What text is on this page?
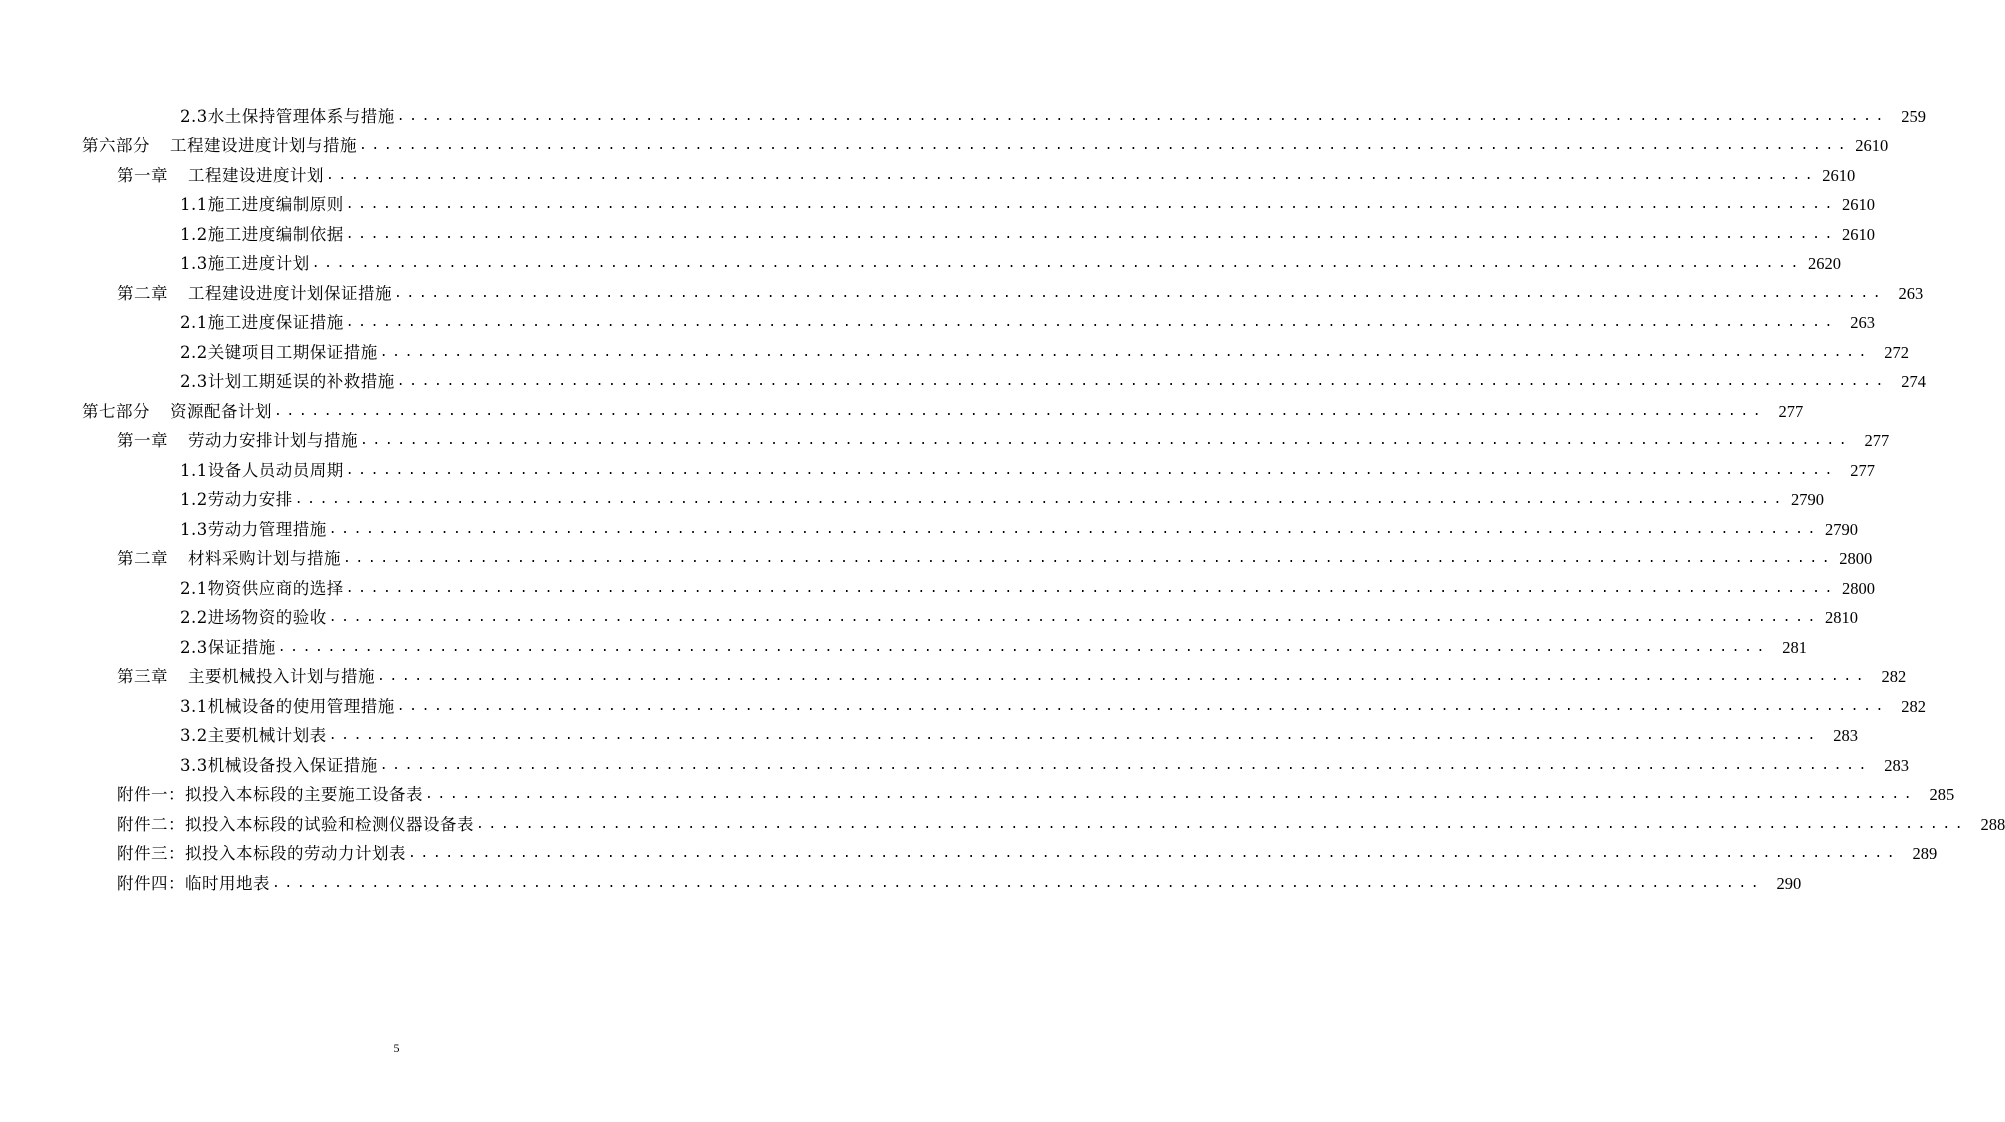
2.3水土保持管理体系与措施 ........................................................................................................................ 259
第六部分 工程建设进度计划与措施 ........................................................................................................................ 2610
第一章 工程建设进度计划 ........................................................................................................................ 2610
1.1施工进度编制原则 ........................................................................................................................ 2610
1.2施工进度编制依据 ........................................................................................................................ 2610
1.3施工进度计划 ........................................................................................................................ 2620
第二章 工程建设进度计划保证措施 ........................................................................................................................ 263
2.1施工进度保证措施 ........................................................................................................................ 263
2.2关键项目工期保证措施 ........................................................................................................................ 272
2.3计划工期延误的补救措施 ........................................................................................................................ 274
第七部分 资源配备计划 ........................................................................................................................ 277
第一章 劳动力安排计划与措施 ........................................................................................................................ 277
1.1设备人员动员周期 ........................................................................................................................ 277
1.2劳动力安排 ........................................................................................................................ 2790
1.3劳动力管理措施 ........................................................................................................................ 2790
第二章 材料采购计划与措施 ........................................................................................................................ 2800
2.1物资供应商的选择 ........................................................................................................................ 2800
2.2进场物资的验收 ........................................................................................................................ 2810
2.3保证措施 ........................................................................................................................ 281
第三章 主要机械投入计划与措施 ........................................................................................................................ 282
3.1机械设备的使用管理措施 ........................................................................................................................ 282
3.2主要机械计划表 ........................................................................................................................ 283
3.3机械设备投入保证措施 ........................................................................................................................ 283
附件一：拟投入本标段的主要施工设备表 ........................................................................................................................ 285
附件二：拟投入本标段的试验和检测仪器设备表 ........................................................................................................................ 288
附件三：拟投入本标段的劳动力计划表 ........................................................................................................................ 289
附件四：临时用地表 ........................................................................................................................ 290
5
